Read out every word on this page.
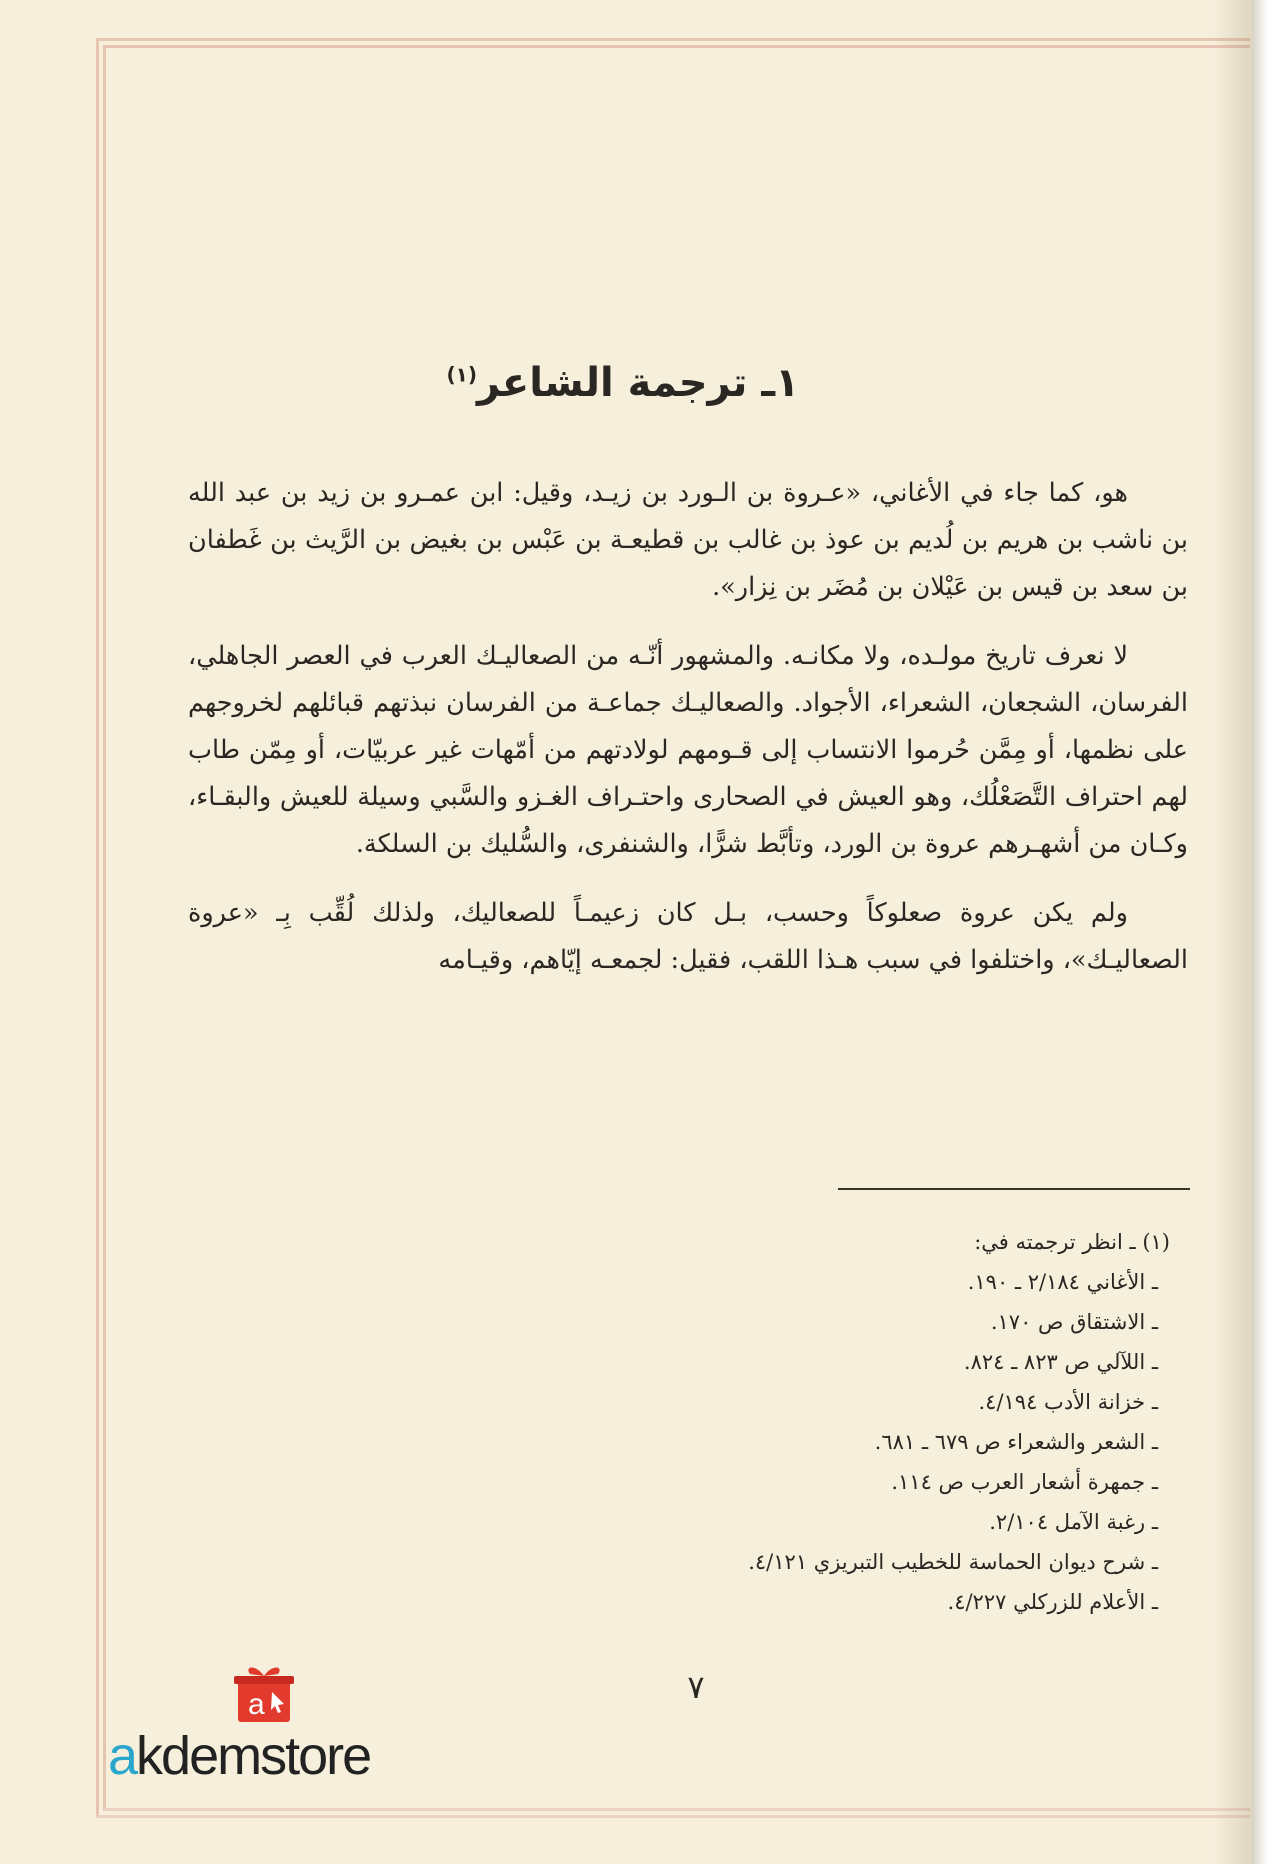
١ـ ترجمة الشاعر$^{(١)}$

هو، كما جاء في الأغاني، «عـروة بن الـورد بن زيـد، وقيل: ابن عمـرو بن زيد بن عبد الله بن ناشب بن هريم بن لُديم بن عوذ بن غالب بن قطيعـة بن عَبْس بن بغيض بن الرَّيث بن غَطفان بن سعد بن قيس بن عَيْلان بن مُضَر بن نِزار».

لا نعرف تاريخ مولـده، ولا مكانـه. والمشهور أنّـه من الصعاليـك العرب في العصر الجاهلي، الفرسان، الشجعان، الشعراء، الأجواد. والصعاليـك جماعـة من الفرسان نبذتهم قبائلهم لخروجهم على نظمها، أو مِمَّن حُرموا الانتساب إلى قـومهم لولادتهم من أمّهات غير عربيّات، أو مِمّن طاب لهم احتراف التَّصَعْلُك، وهو العيش في الصحارى واحتـراف الغـزو والسَّبي وسيلة للعيش والبقـاء، وكـان من أشهـرهم عروة بن الورد، وتأبَّط شرًّا، والشنفرى، والسُّليك بن السلكة.

ولم يكن عروة صعلوكاً وحسب، بـل كان زعيمـاً للصعاليك، ولذلك لُقِّب بِـ «عروة الصعاليـك»، واختلفوا في سبب هـذا اللقب، فقيل: لجمعـه إيّاهم، وقيـامه

(١) ـ انظر ترجمته في:

ـ الأغاني ٢/١٨٤ ـ ١٩٠.
ـ الاشتقاق ص ١٧٠.
ـ اللآلي ص ٨٢٣ ـ ٨٢٤.
ـ خزانة الأدب ٤/١٩٤.
ـ الشعر والشعراء ص ٦٧٩ ـ ٦٨١.
ـ جمهرة أشعار العرب ص ١١٤.
ـ رغبة الآمل ٢/١٠٤.
ـ شرح ديوان الحماسة للخطيب التبريزي ٤/١٢١.
ـ الأعلام للزركلي ٤/٢٢٧.
٧
a
akdemstore
